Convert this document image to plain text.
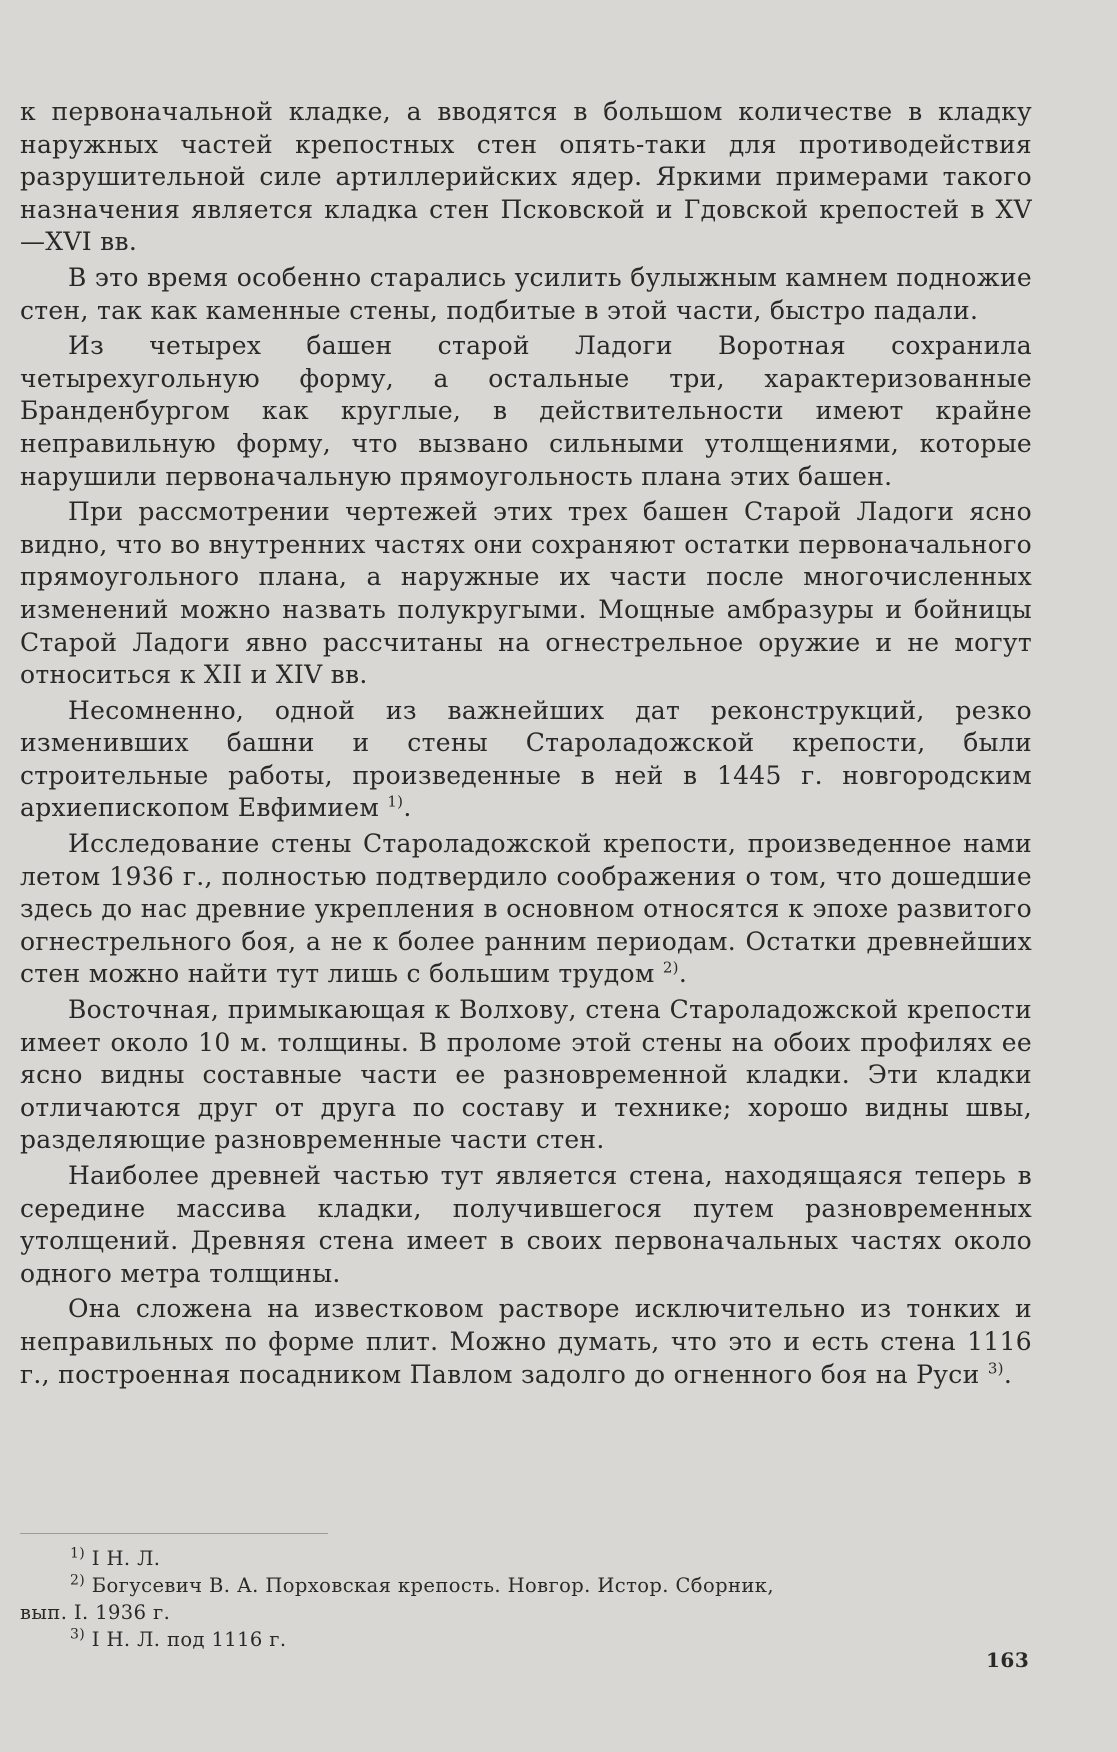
к первоначальной кладке, а вводятся в большом количестве в кладку наружных частей крепостных стен опять-таки для противодействия разрушительной силе артиллерийских ядер. Яркими примерами такого назначения является кладка стен Псковской и Гдовской крепостей в XV—XVI вв.

В это время особенно старались усилить булыжным камнем подножие стен, так как каменные стены, подбитые в этой части, быстро падали.

Из четырех башен старой Ладоги Воротная сохранила четырехугольную форму, а остальные три, характеризованные Бранденбургом как круглые, в действительности имеют крайне неправильную форму, что вызвано сильными утолщениями, которые нарушили первоначальную прямоугольность плана этих башен.

При рассмотрении чертежей этих трех башен Старой Ладоги ясно видно, что во внутренних частях они сохраняют остатки первоначального прямоугольного плана, а наружные их части после многочисленных изменений можно назвать полукругыми. Мощные амбразуры и бойницы Старой Ладоги явно рассчитаны на огнестрельное оружие и не могут относиться к XII и XIV вв.

Несомненно, одной из важнейших дат реконструкций, резко изменивших башни и стены Староладожской крепости, были строительные работы, произведенные в ней в 1445 г. новгородским архиепископом Евфимием $^{1)}$.

Исследование стены Староладожской крепости, произведенное нами летом 1936 г., полностью подтвердило соображения о том, что дошедшие здесь до нас древние укрепления в основном относятся к эпохе развитого огнестрельного боя, а не к более ранним периодам. Остатки древнейших стен можно найти тут лишь с большим трудом $^{2)}$.

Восточная, примыкающая к Волхову, стена Староладожской крепости имеет около 10 м. толщины. В проломе этой стены на обоих профилях ее ясно видны составные части ее разновременной кладки. Эти кладки отличаются друг от друга по составу и технике; хорошо видны швы, разделяющие разновременные части стен.

Наиболее древней частью тут является стена, находящаяся теперь в середине массива кладки, получившегося путем разновременных утолщений. Древняя стена имеет в своих первоначальных частях около одного метра толщины.

Она сложена на известковом растворе исключительно из тонких и неправильных по форме плит. Можно думать, что это и есть стена 1116 г., построенная посадником Павлом задолго до огненного боя на Руси $^{3)}$.

$^{1)}$ I Н. Л.

$^{2)}$ Богусевич В. А. Порховская крепость. Новгор. Истор. Сборник,

вып. I. 1936 г.

$^{3)}$ I Н. Л. под 1116 г.

163
